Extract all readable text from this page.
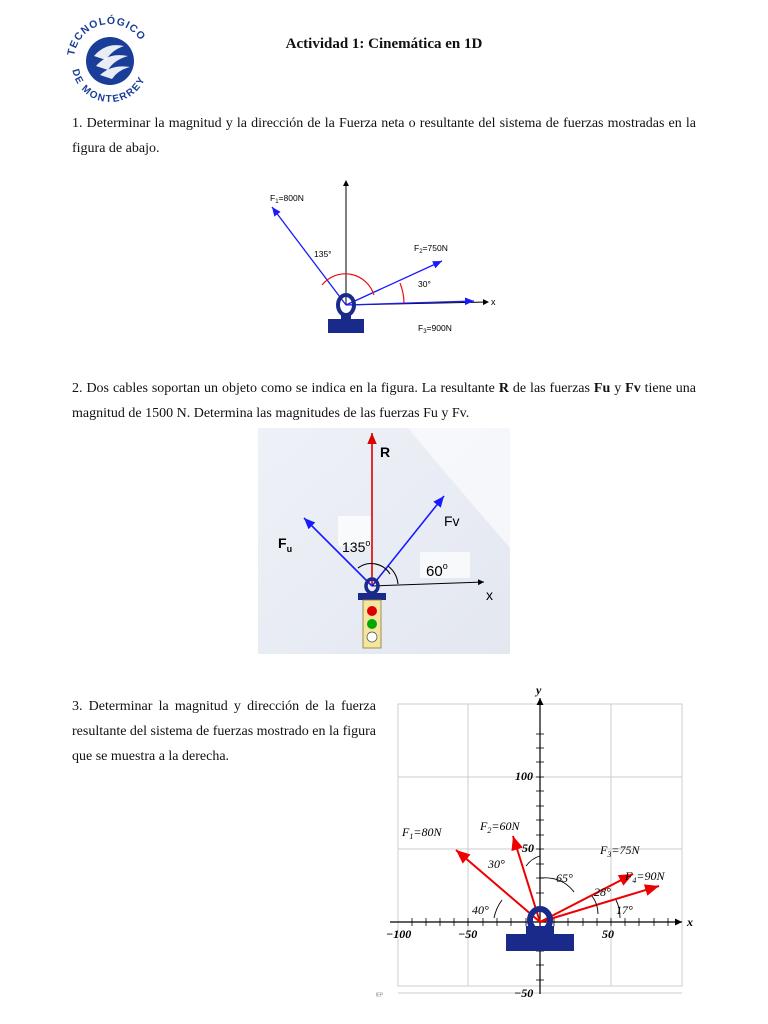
TECNOLÓGICO
DE MONTERREY
Actividad 1: Cinemática en 1D
1. Determinar la magnitud y la dirección de la Fuerza neta o resultante del sistema de fuerzas mostradas en la figura de abajo.
x
$F_1=800N$
$F_2=750N$
$F_3=900N$
135°
30°
2. Dos cables soportan un objeto como se indica en la figura. La resultante R de las fuerzas Fu y Fv tiene una magnitud de 1500 N. Determina las magnitudes de las fuerzas Fu y Fv.
R
Fv
$F_u$	135$^o$
60$^o$
x
3. Determinar la magnitud y dirección de la fuerza resultante del sistema de fuerzas mostrado en la figura que se muestra a la derecha.
y
x
100
50
−100	−50	50
−50
$F_1=80N$	$F_2=60N$
$F_3=75N$
$F_4=90N$
30°
65°
28°
17°
40°
ᴵᴱᴾ
